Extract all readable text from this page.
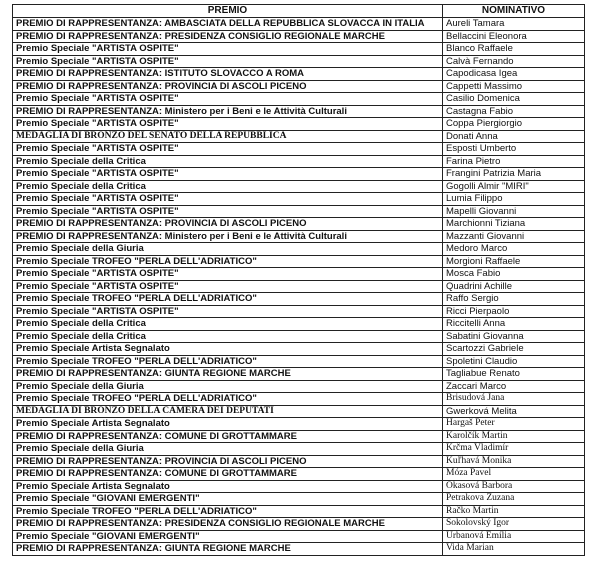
PREMIO	NOMINATIVO
PREMIO DI RAPPRESENTANZA: AMBASCIATA DELLA REPUBBLICA SLOVACCA IN ITALIA	Aureli Tamara
PREMIO DI RAPPRESENTANZA: PRESIDENZA CONSIGLIO REGIONALE MARCHE	Bellaccini Eleonora
Premio Speciale "ARTISTA OSPITE"	Blanco Raffaele
Premio Speciale "ARTISTA OSPITE"	Calvà Fernando
PREMIO DI RAPPRESENTANZA: ISTITUTO SLOVACCO A ROMA	Capodicasa Igea
PREMIO DI RAPPRESENTANZA: PROVINCIA DI ASCOLI PICENO	Cappetti Massimo
Premio Speciale "ARTISTA OSPITE"	Casilio Domenica
PREMIO DI RAPPRESENTANZA: Ministero per i Beni e le Attività Culturali	Castagna Fabio
Premio Speciale "ARTISTA OSPITE"	Coppa Piergiorgio
MEDAGLIA DI BRONZO DEL SENATO DELLA REPUBBLICA	Donati Anna
Premio Speciale "ARTISTA OSPITE"	Esposti Umberto
Premio Speciale della Critica	Farina Pietro
Premio Speciale "ARTISTA OSPITE"	Frangini Patrizia Maria
Premio Speciale della Critica	Gogolli Almir "MIRI"
Premio Speciale "ARTISTA OSPITE"	Lumia Filippo
Premio Speciale "ARTISTA OSPITE"	Mapelli Giovanni
PREMIO DI RAPPRESENTANZA: PROVINCIA DI ASCOLI PICENO	Marchionni Tiziana
PREMIO DI RAPPRESENTANZA: Ministero per i Beni e le Attività Culturali	Mazzanti Giovanni
Premio Speciale della Giuria	Medoro Marco
Premio Speciale TROFEO "PERLA DELL'ADRIATICO"	Morgioni Raffaele
Premio Speciale "ARTISTA OSPITE"	Mosca Fabio
Premio Speciale "ARTISTA OSPITE"	Quadrini Achille
Premio Speciale TROFEO "PERLA DELL'ADRIATICO"	Raffo Sergio
Premio Speciale "ARTISTA OSPITE"	Ricci Pierpaolo
Premio Speciale della Critica	Riccitelli Anna
Premio Speciale della Critica	Sabatini Giovanna
Premio Speciale Artista Segnalato	Scartozzi Gabriele
Premio Speciale TROFEO "PERLA DELL'ADRIATICO"	Spoletini Claudio
PREMIO DI RAPPRESENTANZA: GIUNTA REGIONE MARCHE	Tagliabue Renato
Premio Speciale della Giuria	Zaccari Marco
Premio Speciale TROFEO "PERLA DELL'ADRIATICO"	Brisudová Jana
MEDAGLIA DI BRONZO DELLA CAMERA DEI DEPUTATI	Gwerková Melita
Premio Speciale Artista Segnalato	Hargaš Peter
PREMIO DI RAPPRESENTANZA: COMUNE DI GROTTAMMARE	Karolčík Martin
Premio Speciale della Giuria	Krčma Vladimír
PREMIO DI RAPPRESENTANZA: PROVINCIA DI ASCOLI PICENO	Kuľhavá Monika
PREMIO DI RAPPRESENTANZA: COMUNE DI GROTTAMMARE	Móza Pavel
Premio Speciale Artista Segnalato	Okasová Barbora
Premio Speciale "GIOVANI EMERGENTI"	Petrakova Zuzana
Premio Speciale TROFEO "PERLA DELL'ADRIATICO"	Račko Martin
PREMIO DI RAPPRESENTANZA: PRESIDENZA CONSIGLIO REGIONALE MARCHE	Sokolovský Igor
Premio Speciale "GIOVANI EMERGENTI"	Urbanová Emília
PREMIO DI RAPPRESENTANZA: GIUNTA REGIONE MARCHE	Vida Marian
